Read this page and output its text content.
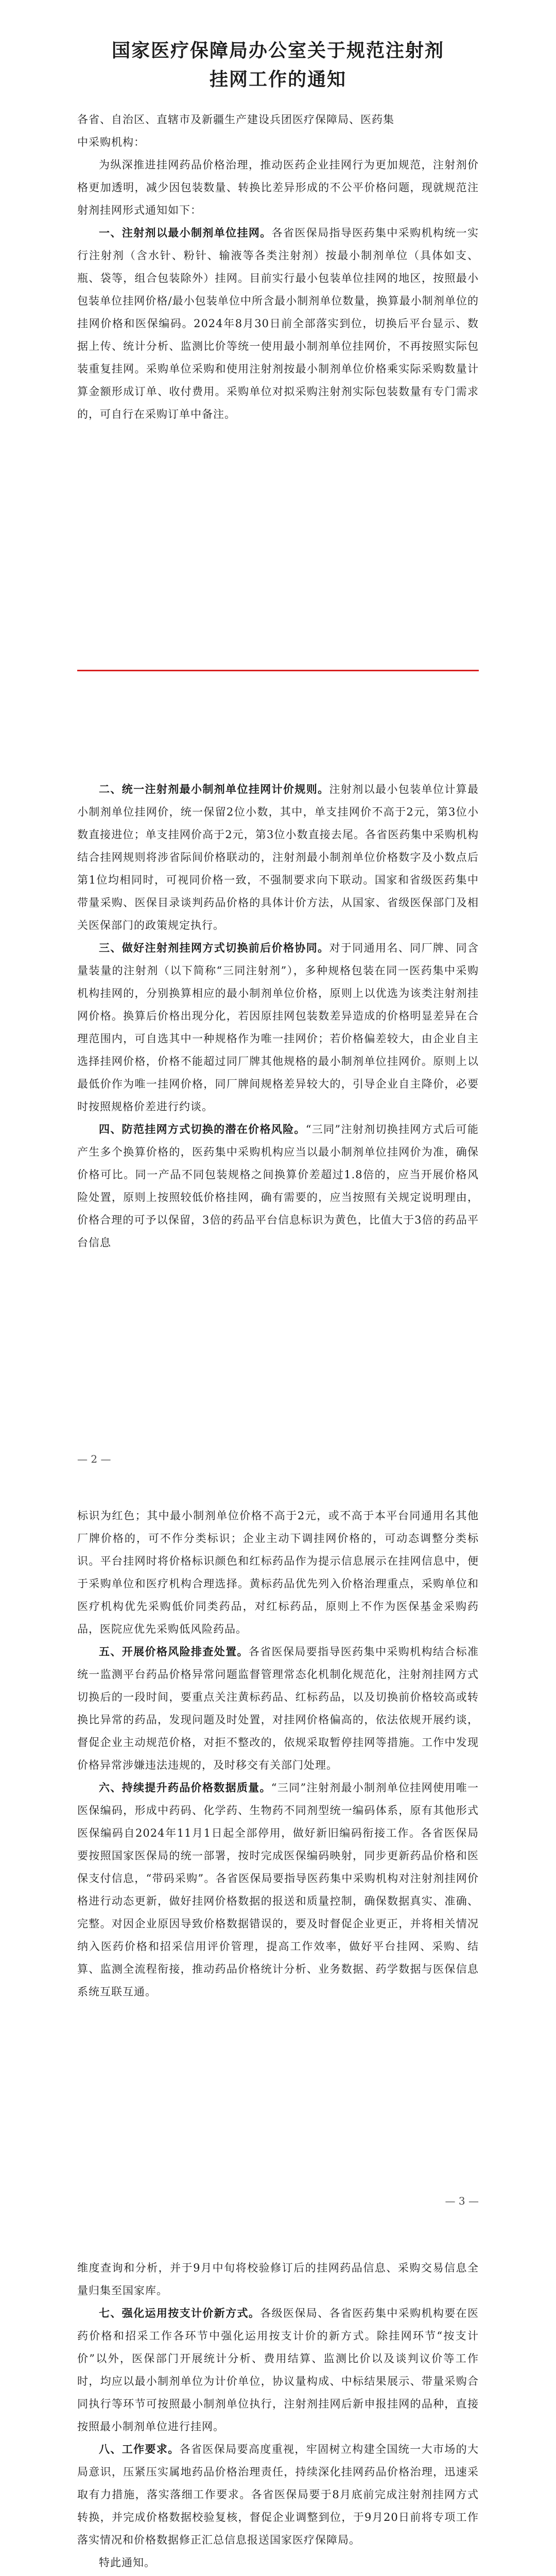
国家医疗保障局办公室关于规范注射剂
挂网工作的通知

各省、自治区、直辖市及新疆生产建设兵团医疗保障局、医药集

中采购机构：

为纵深推进挂网药品价格治理，推动医药企业挂网行为更加规范，注射剂价格更加透明，减少因包装数量、转换比差异形成的不公平价格问题，现就规范注射剂挂网形式通知如下：

一、注射剂以最小制剂单位挂网。各省医保局指导医药集中采购机构统一实行注射剂（含水针、粉针、输液等各类注射剂）按最小制剂单位（具体如支、瓶、袋等，组合包装除外）挂网。目前实行最小包装单位挂网的地区，按照最小包装单位挂网价格/最小包装单位中所含最小制剂单位数量，换算最小制剂单位的挂网价格和医保编码。2024年8月30日前全部落实到位，切换后平台显示、数据上传、统计分析、监测比价等统一使用最小制剂单位挂网价，不再按照实际包装重复挂网。采购单位采购和使用注射剂按最小制剂单位价格乘实际采购数量计算金额形成订单、收付费用。采购单位对拟采购注射剂实际包装数量有专门需求的，可自行在采购订单中备注。

二、统一注射剂最小制剂单位挂网计价规则。注射剂以最小包装单位计算最小制剂单位挂网价，统一保留2位小数，其中，单支挂网价不高于2元，第3位小数直接进位；单支挂网价高于2元，第3位小数直接去尾。各省医药集中采购机构结合挂网规则将涉省际间价格联动的，注射剂最小制剂单位价格数字及小数点后第1位均相同时，可视同价格一致，不强制要求向下联动。国家和省级医药集中带量采购、医保目录谈判药品价格的具体计价方法，从国家、省级医保部门及相关医保部门的政策规定执行。

三、做好注射剂挂网方式切换前后价格协同。对于同通用名、同厂牌、同含量装量的注射剂（以下简称“三同注射剂”），多种规格包装在同一医药集中采购机构挂网的，分别换算相应的最小制剂单位价格，原则上以优选为该类注射剂挂网价格。换算后价格出现分化，若因原挂网包装数差异造成的价格明显差异在合理范围内，可自选其中一种规格作为唯一挂网价；若价格偏差较大，由企业自主选择挂网价格，价格不能超过同厂牌其他规格的最小制剂单位挂网价。原则上以最低价作为唯一挂网价格，同厂牌间规格差异较大的，引导企业自主降价，必要时按照规格价差进行约谈。

四、防范挂网方式切换的潜在价格风险。“三同”注射剂切换挂网方式后可能产生多个换算价格的，医药集中采购机构应当以最小制剂单位挂网价为准，确保价格可比。同一产品不同包装规格之间换算价差超过1.8倍的，应当开展价格风险处置，原则上按照较低价格挂网，确有需要的，应当按照有关规定说明理由，价格合理的可予以保留，3倍的药品平台信息标识为黄色，比值大于3倍的药品平台信息

— 2 —

标识为红色；其中最小制剂单位价格不高于2元，或不高于本平台同通用名其他厂牌价格的，可不作分类标识；企业主动下调挂网价格的，可动态调整分类标识。平台挂网时将价格标识颜色和红标药品作为提示信息展示在挂网信息中，便于采购单位和医疗机构合理选择。黄标药品优先列入价格治理重点，采购单位和医疗机构优先采购低价同类药品，对红标药品，原则上不作为医保基金采购药品，医院应优先采购低风险药品。

五、开展价格风险排查处置。各省医保局要指导医药集中采购机构结合标准统一监测平台药品价格异常问题监督管理常态化机制化规范化，注射剂挂网方式切换后的一段时间，要重点关注黄标药品、红标药品，以及切换前价格较高或转换比异常的药品，发现问题及时处置，对挂网价格偏高的，依法依规开展约谈，督促企业主动规范价格，对拒不整改的，依规采取暂停挂网等措施。工作中发现价格异常涉嫌违法违规的，及时移交有关部门处理。

六、持续提升药品价格数据质量。“三同”注射剂最小制剂单位挂网使用唯一医保编码，形成中药码、化学药、生物药不同剂型统一编码体系，原有其他形式医保编码自2024年11月1日起全部停用，做好新旧编码衔接工作。各省医保局要按照国家医保局的统一部署，按时完成医保编码映射，同步更新药品价格和医保支付信息，“带码采购”。各省医保局要指导医药集中采购机构对注射剂挂网价格进行动态更新，做好挂网价格数据的报送和质量控制，确保数据真实、准确、完整。对因企业原因导致价格数据错误的，要及时督促企业更正，并将相关情况纳入医药价格和招采信用评价管理，提高工作效率，做好平台挂网、采购、结算、监测全流程衔接，推动药品价格统计分析、业务数据、药学数据与医保信息系统互联互通。

— 3 —

维度查询和分析，并于9月中旬将校验修订后的挂网药品信息、采购交易信息全量归集至国家库。

七、强化运用按支计价新方式。各级医保局、各省医药集中采购机构要在医药价格和招采工作各环节中强化运用按支计价的新方式。除挂网环节“按支计价”以外，医保部门开展统计分析、费用结算、监测比价以及谈判议价等工作时，均应以最小制剂单位为计价单位，协议量构成、中标结果展示、带量采购合同执行等环节可按照最小制剂单位执行，注射剂挂网后新申报挂网的品种，直接按照最小制剂单位进行挂网。

八、工作要求。各省医保局要高度重视，牢固树立构建全国统一大市场的大局意识，压紧压实属地药品价格治理责任，持续深化挂网药品价格治理，迅速采取有力措施，落实落细工作要求。各省医保局要于8月底前完成注射剂挂网方式转换，并完成价格数据校验复核，督促企业调整到位，于9月20日前将专项工作落实情况和价格数据修正汇总信息报送国家医疗保障局。

特此通知。
